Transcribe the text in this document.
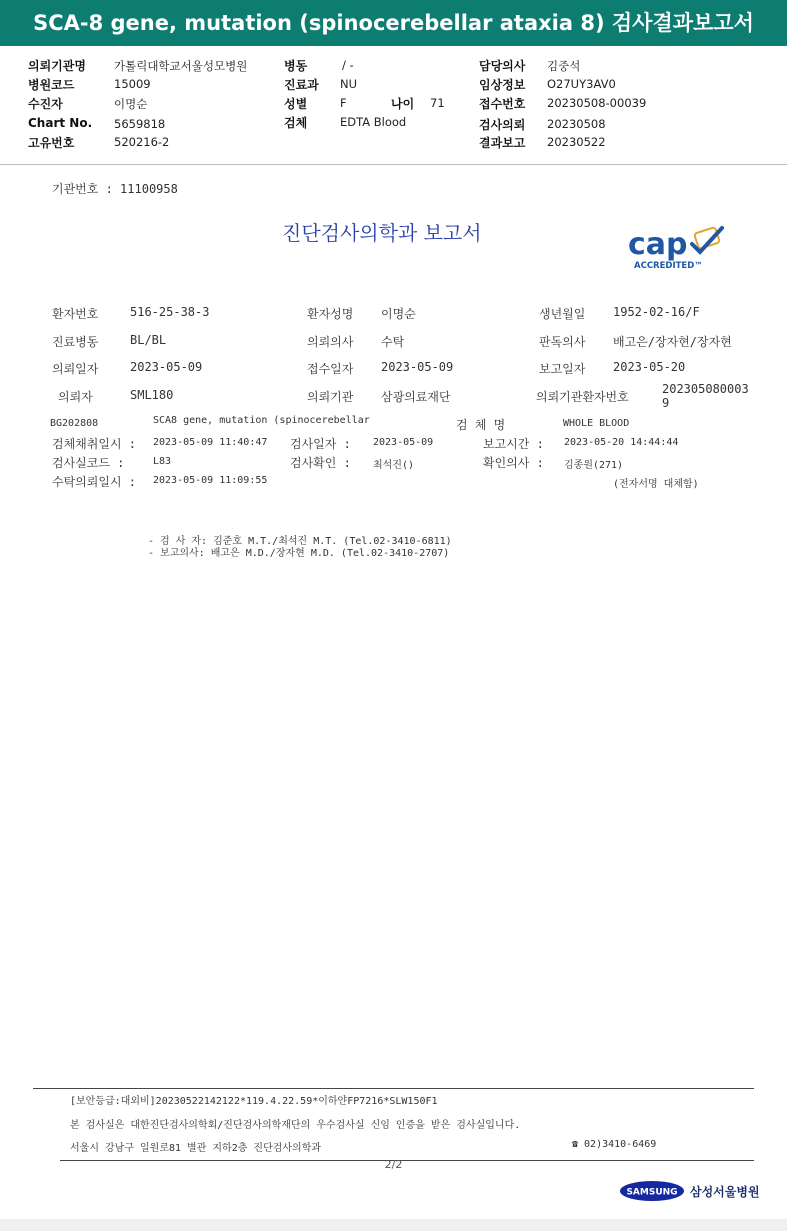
SCA-8 gene, mutation (spinocerebellar ataxia 8) 검사결과보고서
의뢰기관명 가톨릭대학교서울성모병원
병원코드	15009
수진자	이명순
Chart No. 5659818
고유번호	520216-2
병동	/ -
진료과 NU
성별	F	나이 71
검체	EDTA Blood
담당의사 김중석
임상정보 O27UY3AV0
접수번호 20230508-00039
검사의뢰 20230508
결과보고 20230522
기관번호 : 11100958
진단검사의학과 보고서	cap
ACCREDITED™
환자번호	516-25-38-3	환자성명 이명순	생년월일 1952-02-16/F
진료병동	BL/BL	의뢰의사 수탁	판독의사 배고은/장자현/장자현
의뢰일자	2023-05-09	접수일자 2023-05-09	보고일자 2023-05-20
의뢰자	SML180	의뢰기관 삼광의료재단	의뢰기관환자번호
202305080003
9
BG202808	SCA8 gene, mutation (spinocerebellar	검 체 명	WHOLE BLOOD
검체채취일시 : 2023-05-09 11:40:47 검사일자 : 2023-05-09	보고시간 : 2023-05-20 14:44:44
검사실코드 :	L83	검사확인 : 최석진()	확인의사 : 김종원(271)
수탁의뢰일시 : 2023-05-09 11:09:55	(전자서명 대체함)
- 검 사 자: 김준호 M.T./최석진 M.T. (Tel.02-3410-6811)
- 보고의사: 배고은 M.D./장자현 M.D. (Tel.02-3410-2707)
[보안등급:대외비]20230522142122*119.4.22.59*이하얀FP7216*SLW150F1
본 검사실은 대한진단검사의학회/진단검사의학재단의 우수검사실 신임 인증을 받은 검사실입니다.
서울시 강남구 일원로81 별관 지하2층 진단검사의학과	☎ 02)3410-6469
2/2
SAMSUNG 삼성서울병원
